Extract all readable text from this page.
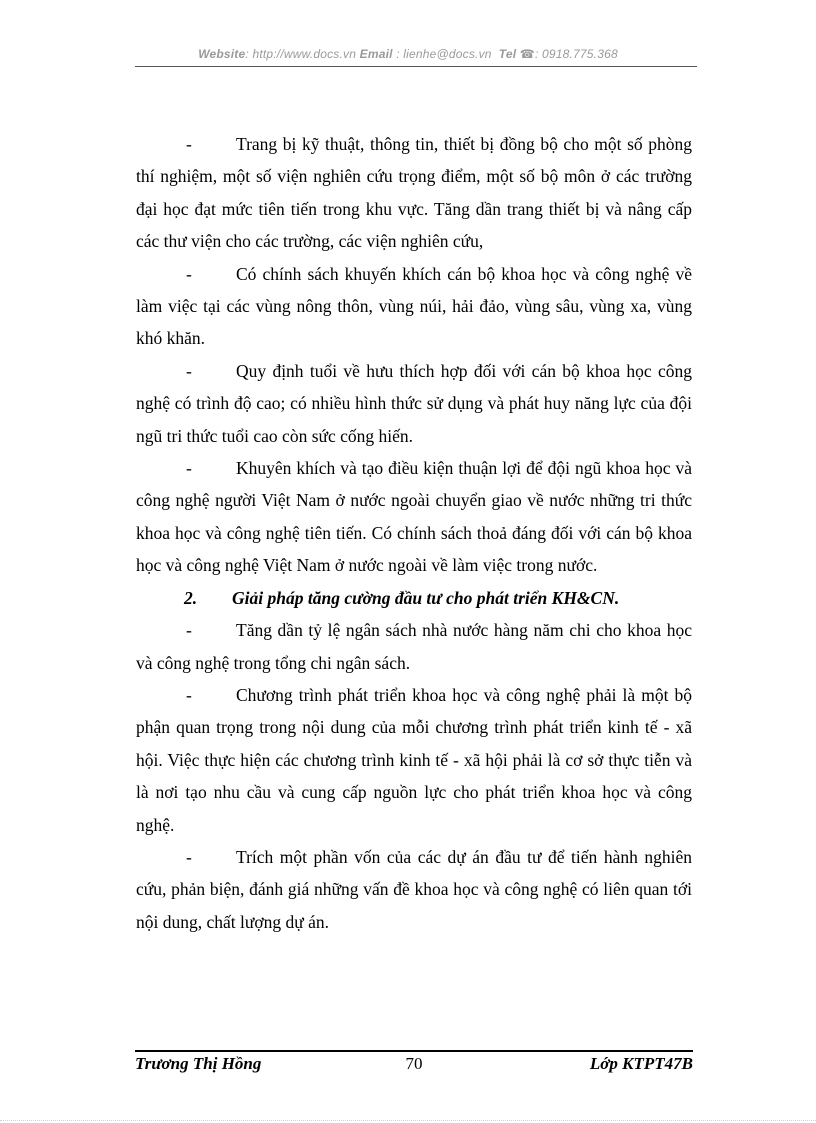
Website: http://www.docs.vn Email : lienhe@docs.vn Tel ☎: 0918.775.368

-	Trang bị kỹ thuật, thông tin, thiết bị đồng bộ cho một số phòng thí nghiệm, một số viện nghiên cứu trọng điểm, một số bộ môn ở các trường đại học đạt mức tiên tiến trong khu vực. Tăng dần trang thiết bị và nâng cấp các thư viện cho các trường, các viện nghiên cứu,

-	Có chính sách khuyến khích cán bộ khoa học và công nghệ về làm việc tại các vùng nông thôn, vùng núi, hải đảo, vùng sâu, vùng xa, vùng khó khăn.

-	Quy định tuổi về hưu thích hợp đối với cán bộ khoa học công nghệ có trình độ cao; có nhiều hình thức sử dụng và phát huy năng lực của đội ngũ tri thức tuổi cao còn sức cống hiến.

-	Khuyên khích và tạo điều kiện thuận lợi để đội ngũ khoa học và công nghệ người Việt Nam ở nước ngoài chuyển giao về nước những tri thức khoa học và công nghệ tiên tiến. Có chính sách thoả đáng đối với cán bộ khoa học và công nghệ Việt Nam ở nước ngoài về làm việc trong nước.

2. Giải pháp tăng cường đầu tư cho phát triển KH&CN.

-	Tăng dần tỷ lệ ngân sách nhà nước hàng năm chi cho khoa học và công nghệ trong tổng chi ngân sách.

-	Chương trình phát triển khoa học và công nghệ phải là một bộ phận quan trọng trong nội dung của mỗi chương trình phát triển kinh tế - xã hội. Việc thực hiện các chương trình kinh tế - xã hội phải là cơ sở thực tiễn và là nơi tạo nhu cầu và cung cấp nguồn lực cho phát triển khoa học và công nghệ.

-	Trích một phần vốn của các dự án đầu tư để tiến hành nghiên cứu, phản biện, đánh giá những vấn đề khoa học và công nghệ có liên quan tới nội dung, chất lượng dự án.

Trương Thị Hồng	70	Lớp KTPT47B
